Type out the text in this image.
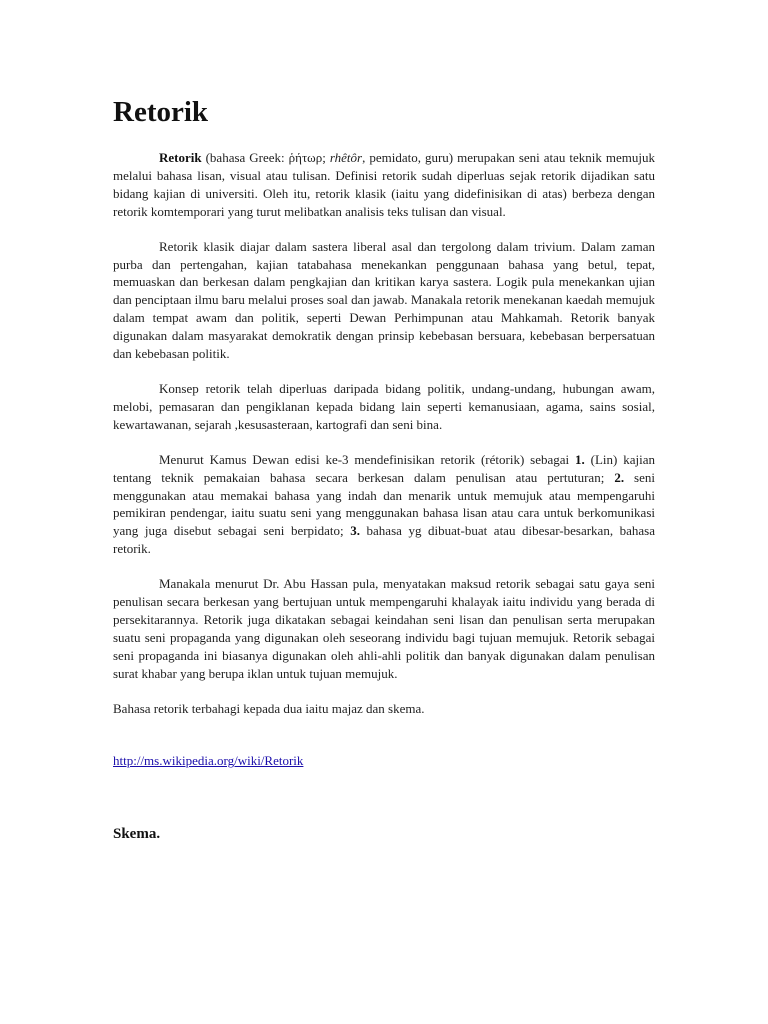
Retorik

Retorik (bahasa Greek: ῥήτωρ; rhêtôr, pemidato, guru) merupakan seni atau teknik memujuk melalui bahasa lisan, visual atau tulisan. Definisi retorik sudah diperluas sejak retorik dijadikan satu bidang kajian di universiti. Oleh itu, retorik klasik (iaitu yang didefinisikan di atas) berbeza dengan retorik komtemporari yang turut melibatkan analisis teks tulisan dan visual.

Retorik klasik diajar dalam sastera liberal asal dan tergolong dalam trivium. Dalam zaman purba dan pertengahan, kajian tatabahasa menekankan penggunaan bahasa yang betul, tepat, memuaskan dan berkesan dalam pengkajian dan kritikan karya sastera. Logik pula menekankan ujian dan penciptaan ilmu baru melalui proses soal dan jawab. Manakala retorik menekanan kaedah memujuk dalam tempat awam dan politik, seperti Dewan Perhimpunan atau Mahkamah. Retorik banyak digunakan dalam masyarakat demokratik dengan prinsip kebebasan bersuara, kebebasan berpersatuan dan kebebasan politik.

Konsep retorik telah diperluas daripada bidang politik, undang-undang, hubungan awam, melobi, pemasaran dan pengiklanan kepada bidang lain seperti kemanusiaan, agama, sains sosial, kewartawanan, sejarah ,kesusasteraan, kartografi dan seni bina.

Menurut Kamus Dewan edisi ke-3 mendefinisikan retorik (rétorik) sebagai 1. (Lin) kajian tentang teknik pemakaian bahasa secara berkesan dalam penulisan atau pertuturan; 2. seni menggunakan atau memakai bahasa yang indah dan menarik untuk memujuk atau mempengaruhi pemikiran pendengar, iaitu suatu seni yang menggunakan bahasa lisan atau cara untuk berkomunikasi yang juga disebut sebagai seni berpidato; 3. bahasa yg dibuat-buat atau dibesar-besarkan, bahasa retorik.

Manakala menurut Dr. Abu Hassan pula, menyatakan maksud retorik sebagai satu gaya seni penulisan secara berkesan yang bertujuan untuk mempengaruhi khalayak iaitu individu yang berada di persekitarannya. Retorik juga dikatakan sebagai keindahan seni lisan dan penulisan serta merupakan suatu seni propaganda yang digunakan oleh seseorang individu bagi tujuan memujuk. Retorik sebagai seni propaganda ini biasanya digunakan oleh ahli-ahli politik dan banyak digunakan dalam penulisan surat khabar yang berupa iklan untuk tujuan memujuk.

Bahasa retorik terbahagi kepada dua iaitu majaz dan skema.

http://ms.wikipedia.org/wiki/Retorik
Skema.
